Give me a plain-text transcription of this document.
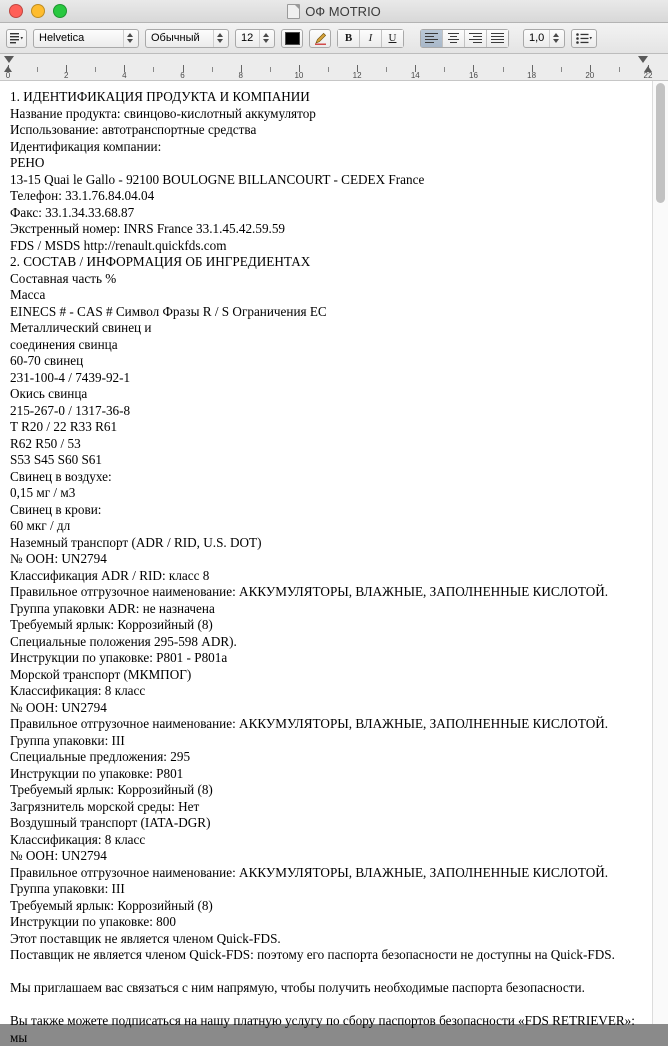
ОФ MOTRIO
Helvetica	Обычный	12	B	I	U	1,0
0	2	4	6	8	10	12	14	16	18	20	22
1. ИДЕНТИФИКАЦИЯ ПРОДУКТА И КОМПАНИИ
Название продукта: свинцово-кислотный аккумулятор
Использование: автотранспортные средства
Идентификация компании:
PEHO
13-15 Quai le Gallo - 92100 BOULOGNE BILLANCOURT - CEDEX France
Телефон: 33.1.76.84.04.04
Факс: 33.1.34.33.68.87
Экстренный номер: INRS France 33.1.45.42.59.59
FDS / MSDS http://renault.quickfds.com
2. СОСТАВ / ИНФОРМАЦИЯ ОБ ИНГРЕДИЕНТАХ
Составная часть %
Масса
EINECS # - CAS # Символ Фразы R / S Ограничения ЕС
Металлический свинец и
соединения свинца
60-70 свинец
231-100-4 / 7439-92-1
Окись свинца
215-267-0 / 1317-36-8
T R20 / 22 R33 R61
R62 R50 / 53
S53 S45 S60 S61
Свинец в воздухе:
0,15 мг / м3
Свинец в крови:
60 мкг / дл
Наземный транспорт (ADR / RID, U.S. DOT)
№ ООН: UN2794
Классификация ADR / RID: класс 8
Правильное отгрузочное наименование: АККУМУЛЯТОРЫ, ВЛАЖНЫЕ, ЗАПОЛНЕННЫЕ КИСЛОТОЙ.
Группа упаковки ADR: не назначена
Требуемый ярлык: Коррозийный (8)
Специальные положения 295-598 ADR).
Инструкции по упаковке: P801 - P801a
Морской транспорт (МКМПОГ)
Классификация: 8 класс
№ ООН: UN2794
Правильное отгрузочное наименование: АККУМУЛЯТОРЫ, ВЛАЖНЫЕ, ЗАПОЛНЕННЫЕ КИСЛОТОЙ.
Группа упаковки: III
Специальные предложения: 295
Инструкции по упаковке: P801
Требуемый ярлык: Коррозийный (8)
Загрязнитель морской среды: Нет
Воздушный транспорт (IATA-DGR)
Классификация: 8 класс
№ ООН: UN2794
Правильное отгрузочное наименование: АККУМУЛЯТОРЫ, ВЛАЖНЫЕ, ЗАПОЛНЕННЫЕ КИСЛОТОЙ.
Группа упаковки: III
Требуемый ярлык: Коррозийный (8)
Инструкции по упаковке: 800
Этот поставщик не является членом Quick-FDS.
Поставщик не является членом Quick-FDS: поэтому его паспорта безопасности не доступны на Quick-FDS.
Мы приглашаем вас связаться с ним напрямую, чтобы получить необходимые паспорта безопасности.
Вы также можете подписаться на нашу платную услугу по сбору паспортов безопасности «FDS RETRIEVER»: мы
